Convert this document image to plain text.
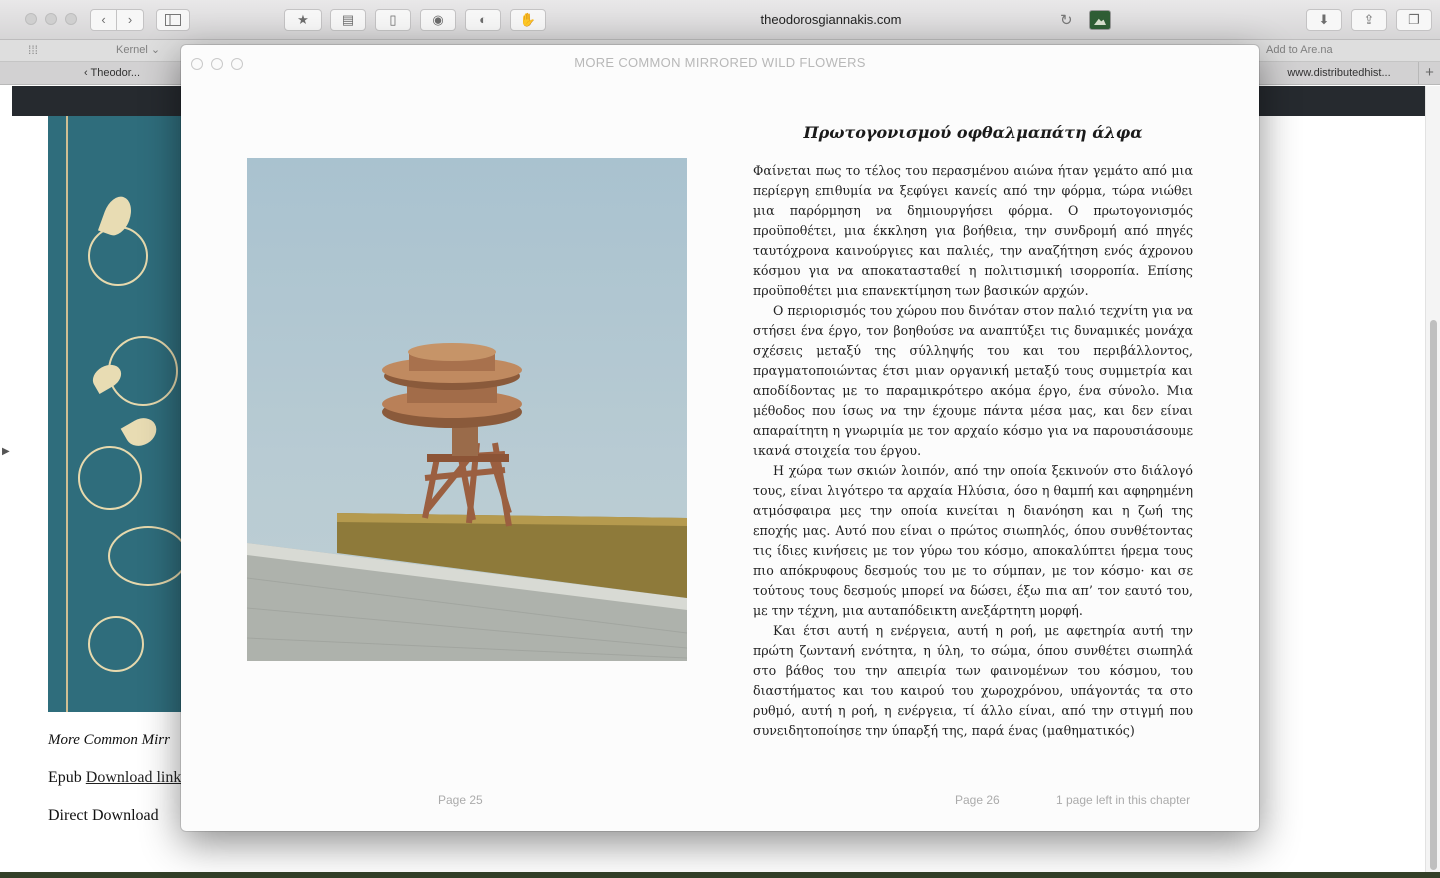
‹	›	★	▤	▯	◉	◐	✋	theodorosgiannakis.com	↻	⬇	⇪	❐
⁞⁞⁞	Kernel ⌄	Add to Are.na
‹ Theodor...	www.distributedhist...	+
More Common Mirr
Epub Download link
Direct Download
▶
MORE COMMON MIRRORED WILD FLOWERS
Πρωτογονισμού οφθαλμαπάτη άλφα

Φαίνεται πως το τέλος του περασμένου αιώνα ήταν γεμάτο από μια περίεργη επιθυμία να ξεφύγει κανείς από την φόρμα, τώρα νιώθει μια παρόρμηση να δημιουργήσει φόρμα. Ο πρωτογονισμός προϋποθέτει, μια έκκληση για βοήθεια, την συνδρομή από πηγές ταυτόχρονα καινούργιες και παλιές, την αναζήτηση ενός άχρονου κόσμου για να αποκατασταθεί η πολιτισμική ισορροπία. Επίσης προϋποθέτει μια επανεκτίμηση των βασικών αρχών.

Ο περιορισμός του χώρου που δινόταν στον παλιό τεχνίτη για να στήσει ένα έργο, τον βοηθούσε να αναπτύξει τις δυναμικές μονάχα σχέσεις μεταξύ της σύλληψής του και του περιβάλλοντος, πραγματοποιώντας έτσι μιαν οργανική μεταξύ τους συμμετρία και αποδίδοντας με το παραμικρότερο ακόμα έργο, ένα σύνολο. Μια μέθοδος που ίσως να την έχουμε πάντα μέσα μας, και δεν είναι απαραίτητη η γνωριμία με τον αρχαίο κόσμο για να παρουσιάσουμε ικανά στοιχεία του έργου.

Η χώρα των σκιών λοιπόν, από την οποία ξεκινούν στο διάλογό τους, είναι λιγότερο τα αρχαία Ηλύσια, όσο η θαμπή και αφηρημένη ατμόσφαιρα μες την οποία κινείται η διανόηση και η ζωή της εποχής μας. Αυτό που είναι ο πρώτος σιωπηλός, όπου συνθέτοντας τις ίδιες κινήσεις με τον γύρω του κόσμο, αποκαλύπτει ήρεμα τους πιο απόκρυφους δεσμούς του με το σύμπαν, με τον κόσμο· και σε τούτους τους δεσμούς μπορεί να δώσει, έξω πια απ’ τον εαυτό του, με την τέχνη, μια αυταπόδεικτη ανεξάρτητη μορφή.

Και έτσι αυτή η ενέργεια, αυτή η ροή, με αφετηρία αυτή την πρώτη ζωντανή ενότητα, η ύλη, το σώμα, όπου συνθέτει σιωπηλά στο βάθος του την απειρία των φαινομένων του κόσμου, του διαστήματος και του καιρού του χωροχρόνου, υπάγοντάς τα στο ρυθμό, αυτή η ροή, η ενέργεια, τί άλλο είναι, από την στιγμή που συνειδητοποίησε την ύπαρξή της, παρά ένας (μαθηματικός)

Page 25	Page 26	1 page left in this chapter
